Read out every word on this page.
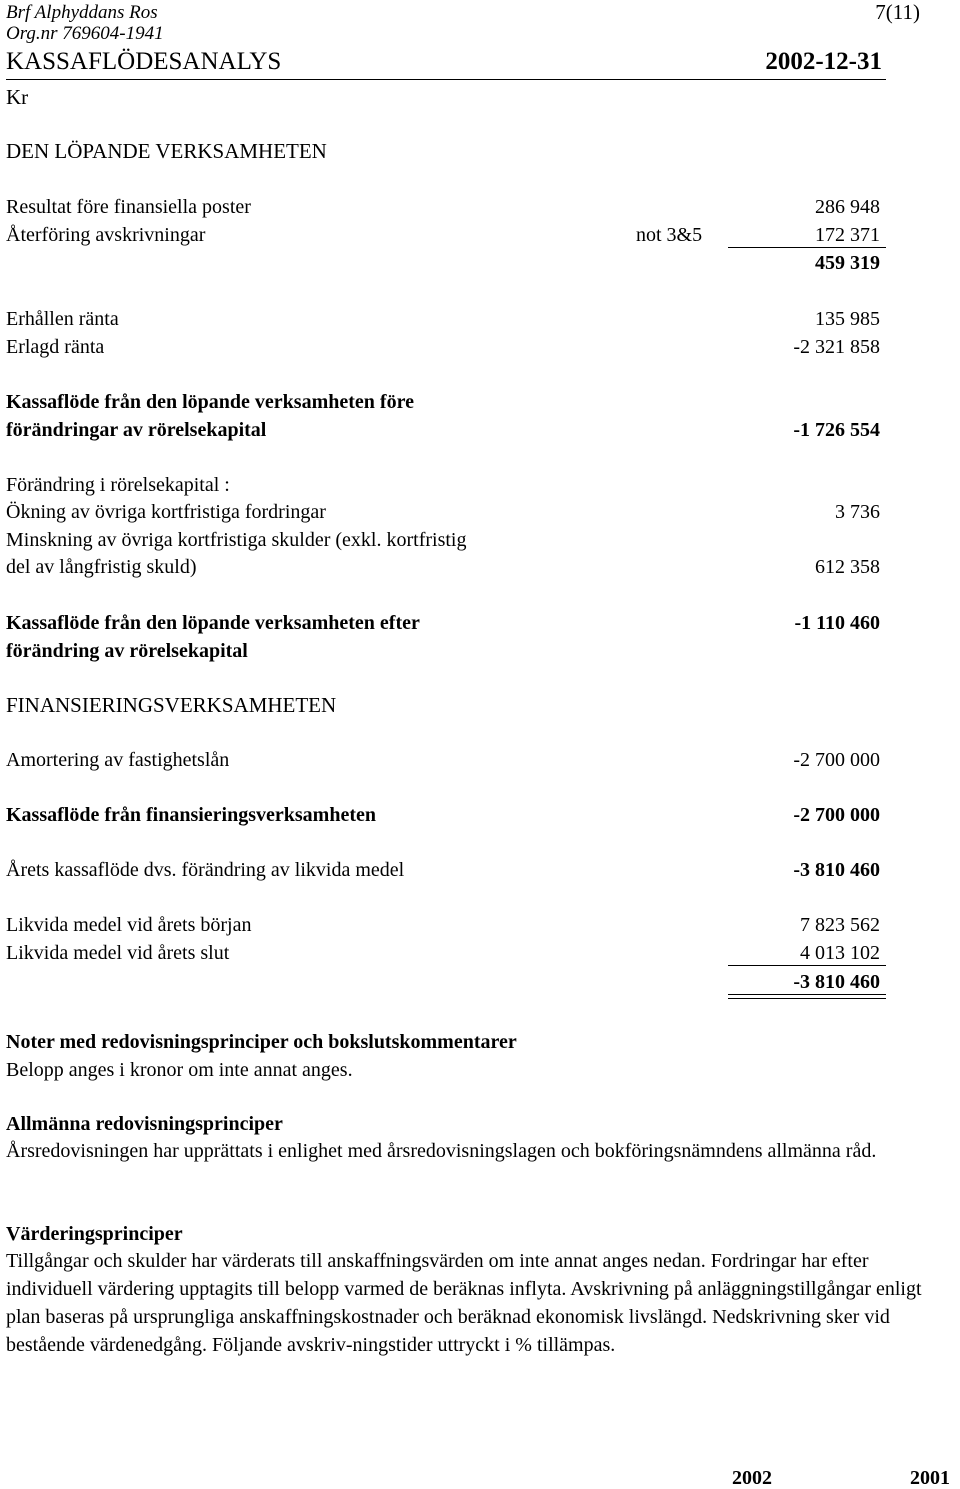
Brf Alphyddans Ros
Org.nr 769604-1941
7(11)
KASSAFLÖDESANALYS	2002-12-31
Kr
DEN LÖPANDE VERKSAMHETEN
Resultat före finansiella poster	286 948
Återföring avskrivningar	not 3&5	172 371
459 319
Erhållen ränta	135 985
Erlagd ränta	-2 321 858
Kassaflöde från den löpande verksamheten före
förändringar av rörelsekapital	-1 726 554
Förändring i rörelsekapital :
Ökning av övriga kortfristiga fordringar	3 736
Minskning av övriga kortfristiga skulder (exkl. kortfristig
del av långfristig skuld)	612 358
Kassaflöde från den löpande verksamheten efter	-1 110 460
förändring av rörelsekapital
FINANSIERINGSVERKSAMHETEN
Amortering av fastighetslån	-2 700 000
Kassaflöde från finansieringsverksamheten	-2 700 000
Årets kassaflöde dvs. förändring av likvida medel	-3 810 460
Likvida medel vid årets början	7 823 562
Likvida medel vid årets slut	4 013 102
-3 810 460
Noter med redovisningsprinciper och bokslutskommentarer
Belopp anges i kronor om inte annat anges.
Allmänna redovisningsprinciper
Årsredovisningen har upprättats i enlighet med årsredovisningslagen och bokföringsnämndens allmänna råd.
Värderingsprinciper
Tillgångar och skulder har värderats till anskaffningsvärden om inte annat anges nedan. Fordringar har efter individuell värdering upptagits till belopp varmed de beräknas inflyta. Avskrivning på anläggningstillgångar enligt plan baseras på ursprungliga anskaffningskostnader och beräknad ekonomisk livslängd. Nedskrivning sker vid bestående värdenedgång. Följande avskriv-ningstider uttryckt i % tillämpas.
2002	2001
